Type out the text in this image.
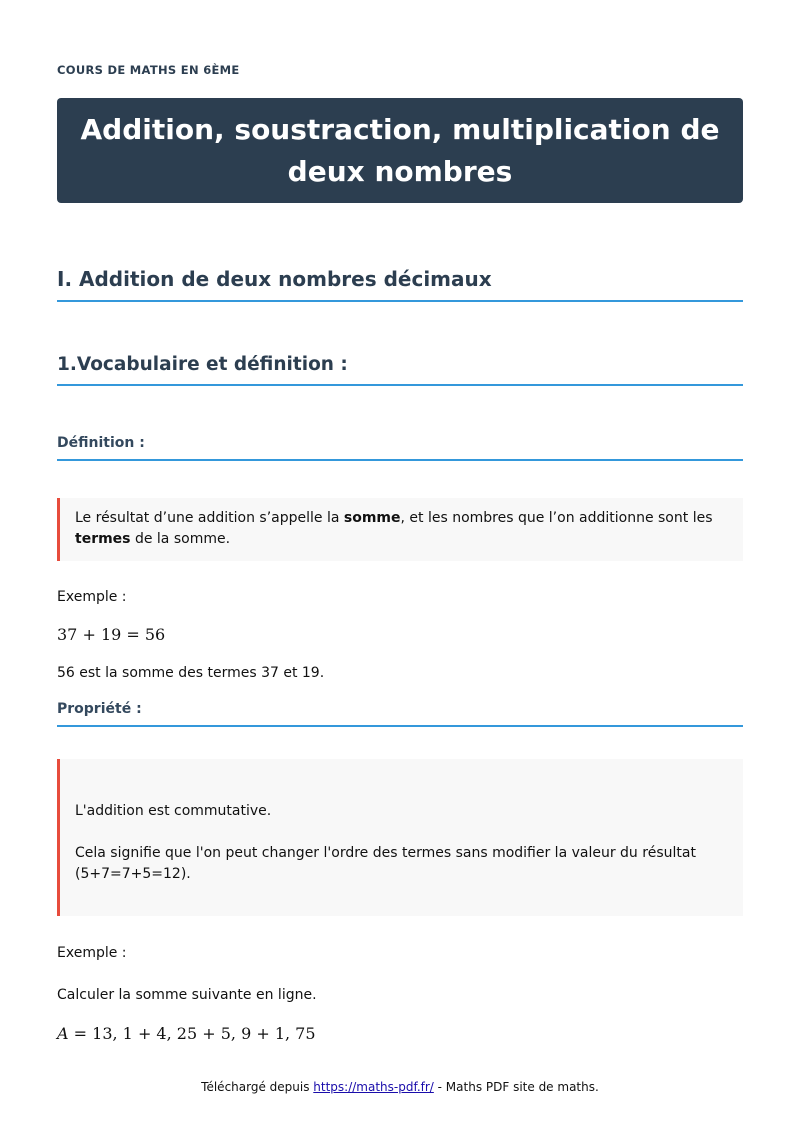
COURS DE MATHS EN 6ÈME
Addition, soustraction, multiplication de deux nombres
I. Addition de deux nombres décimaux
1.Vocabulaire et définition :
Définition :

Le résultat d’une addition s’appelle la somme, et les nombres que l’on additionne sont les termes de la somme.

Exemple :
37 + 19 = 56
56 est la somme des termes 37 et 19.
Propriété :

L'addition est commutative.

Cela signifie que l'on peut changer l'ordre des termes sans modifier la valeur du résultat (5+7=7+5=12).

Exemple :
Calculer la somme suivante en ligne.
A = 13, 1 + 4, 25 + 5, 9 + 1, 75
Téléchargé depuis https://maths-pdf.fr/ - Maths PDF site de maths.
